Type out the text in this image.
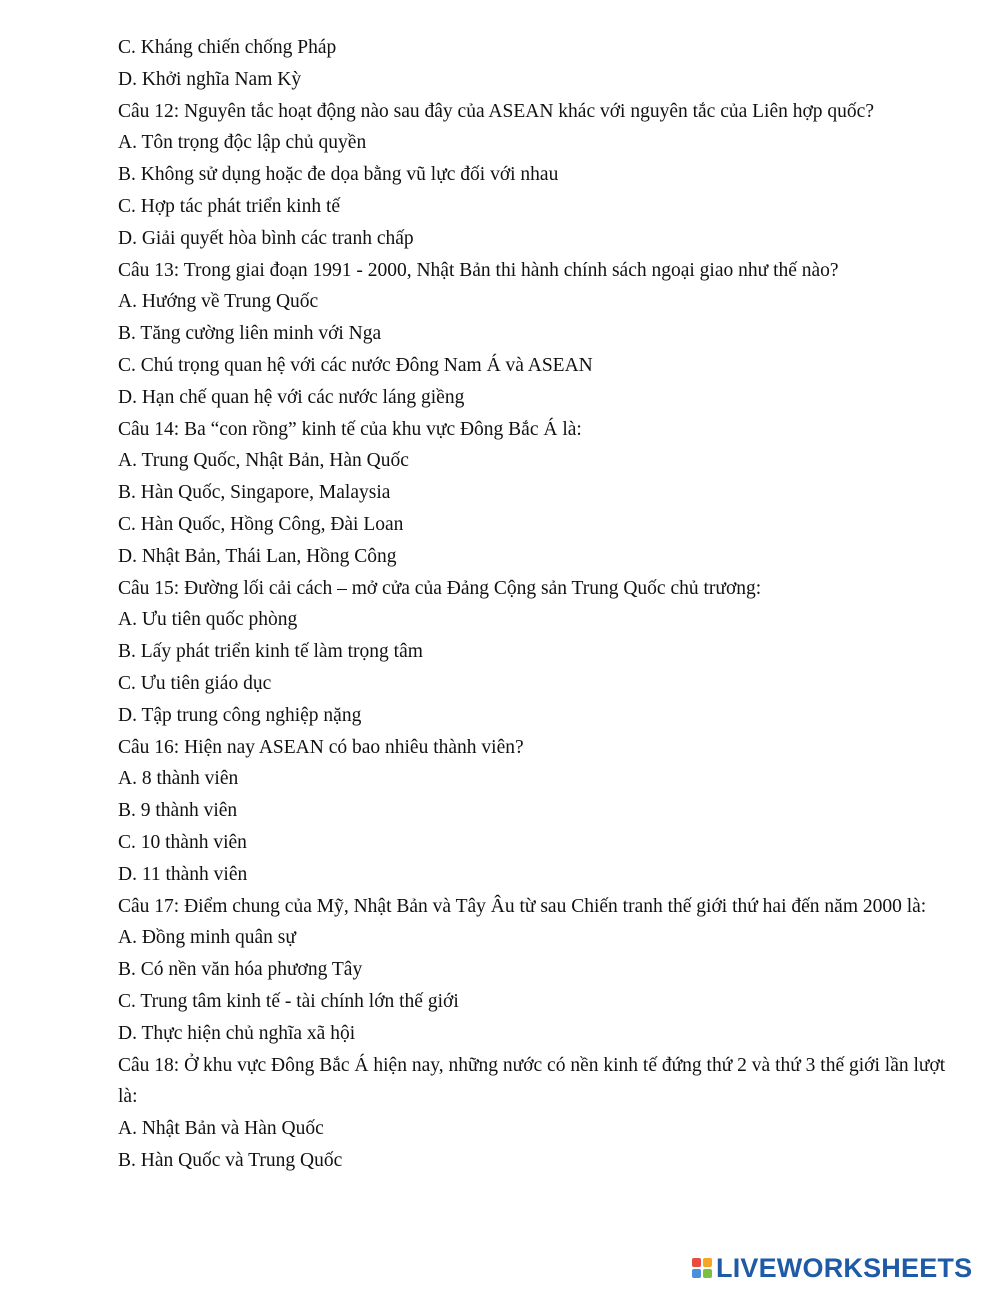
C. Kháng chiến chống Pháp
D. Khởi nghĩa Nam Kỳ
Câu 12: Nguyên tắc hoạt động nào sau đây của ASEAN khác với nguyên tắc của Liên hợp quốc?
A. Tôn trọng độc lập chủ quyền
B. Không sử dụng hoặc đe dọa bằng vũ lực đối với nhau
C. Hợp tác phát triển kinh tế
D. Giải quyết hòa bình các tranh chấp
Câu 13: Trong giai đoạn 1991 - 2000, Nhật Bản thi hành chính sách ngoại giao như thế nào?
A. Hướng về Trung Quốc
B. Tăng cường liên minh với Nga
C. Chú trọng quan hệ với các nước Đông Nam Á và ASEAN
D. Hạn chế quan hệ với các nước láng giềng
Câu 14: Ba “con rồng” kinh tế của khu vực Đông Bắc Á là:
A. Trung Quốc, Nhật Bản, Hàn Quốc
B. Hàn Quốc, Singapore, Malaysia
C. Hàn Quốc, Hồng Công, Đài Loan
D. Nhật Bản, Thái Lan, Hồng Công
Câu 15: Đường lối cải cách – mở cửa của Đảng Cộng sản Trung Quốc chủ trương:
A. Ưu tiên quốc phòng
B. Lấy phát triển kinh tế làm trọng tâm
C. Ưu tiên giáo dục
D. Tập trung công nghiệp nặng
Câu 16: Hiện nay ASEAN có bao nhiêu thành viên?
A. 8 thành viên
B. 9 thành viên
C. 10 thành viên
D. 11 thành viên
Câu 17: Điểm chung của Mỹ, Nhật Bản và Tây Âu từ sau Chiến tranh thế giới thứ hai đến năm 2000 là:
A. Đồng minh quân sự
B. Có nền văn hóa phương Tây
C. Trung tâm kinh tế - tài chính lớn thế giới
D. Thực hiện chủ nghĩa xã hội
Câu 18: Ở khu vực Đông Bắc Á hiện nay, những nước có nền kinh tế đứng thứ 2 và thứ 3 thế giới lần lượt là:
A. Nhật Bản và Hàn Quốc
B. Hàn Quốc và Trung Quốc
LIVEWORKSHEETS
